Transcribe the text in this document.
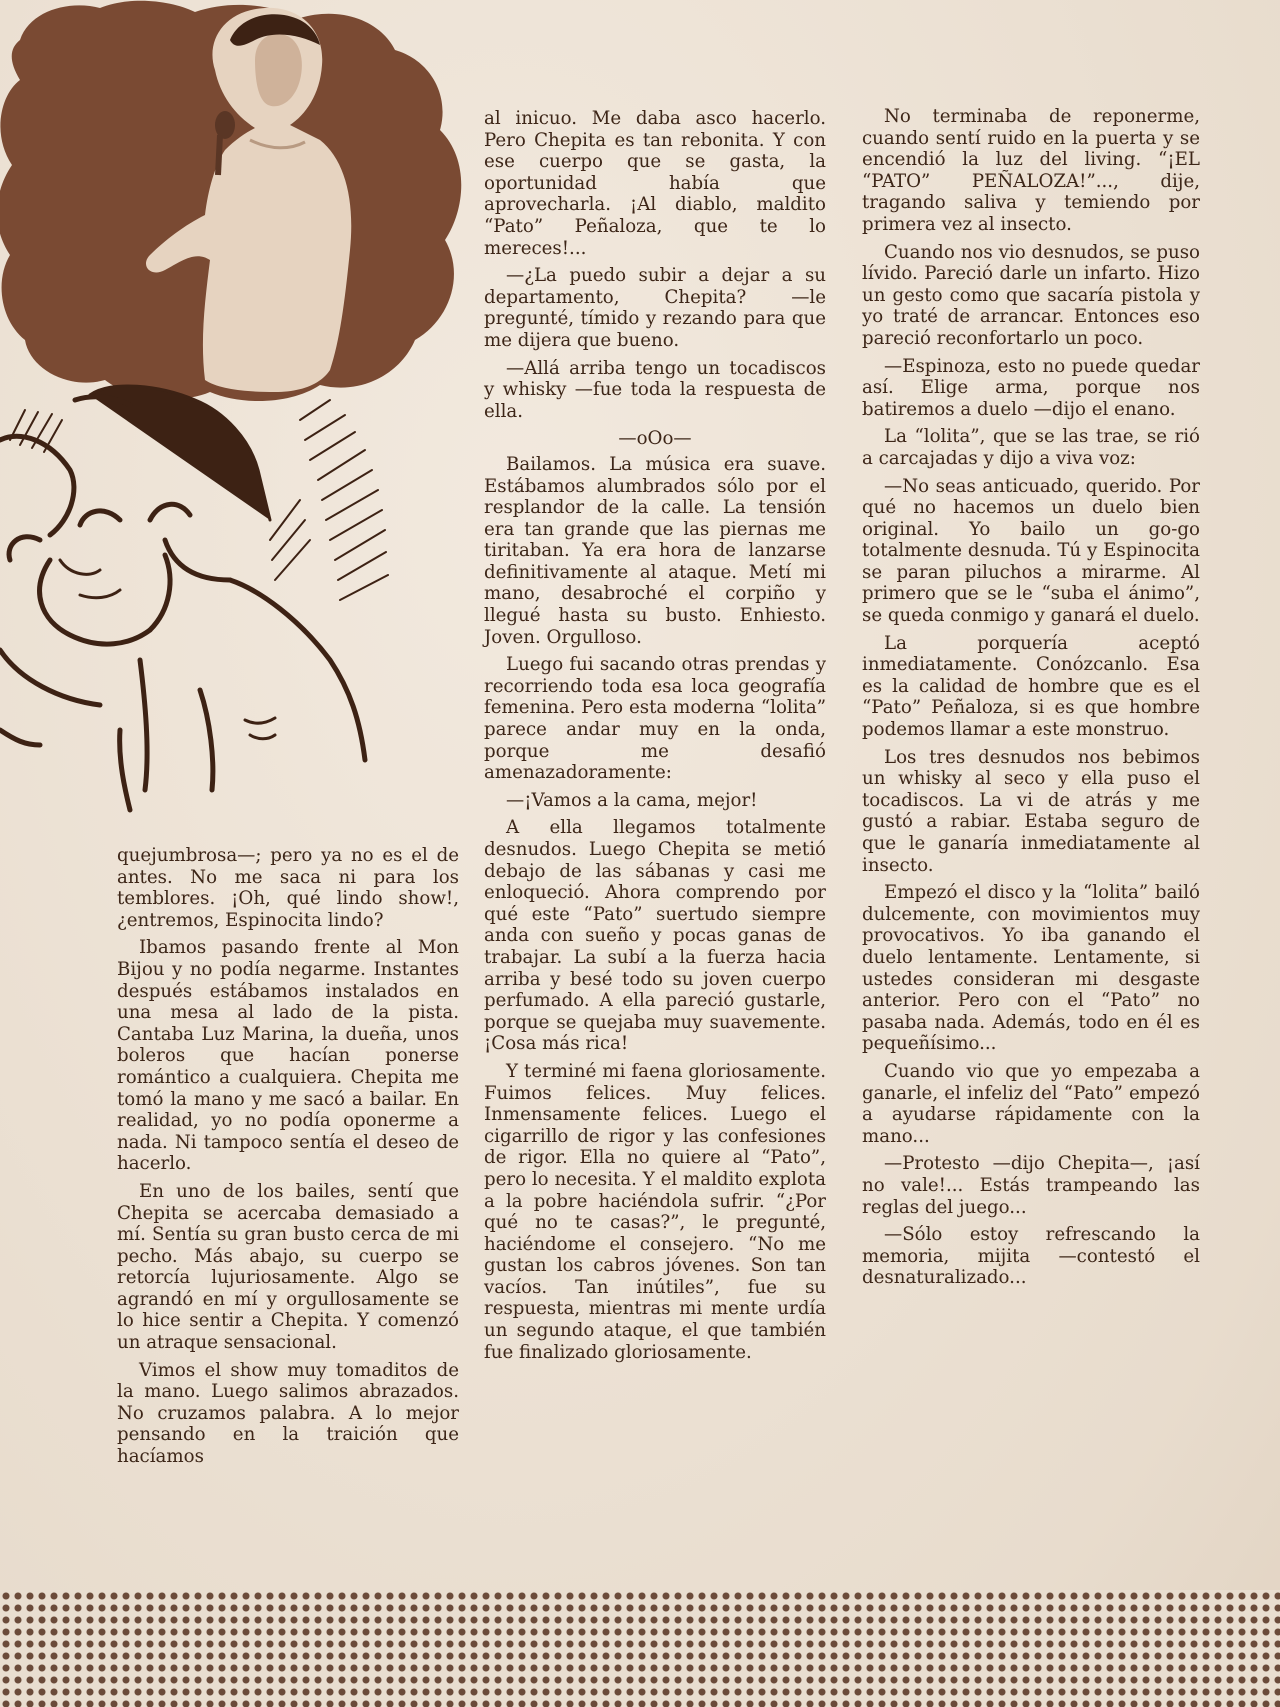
quejumbrosa—; pero ya no es el de antes. No me saca ni para los temblores. ¡Oh, qué lindo show!, ¿entremos, Espinocita lindo?

Ibamos pasando frente al Mon Bijou y no podía negarme. Instantes después estábamos instalados en una mesa al lado de la pista. Cantaba Luz Marina, la dueña, unos boleros que hacían ponerse romántico a cualquiera. Chepita me tomó la mano y me sacó a bailar. En realidad, yo no podía oponerme a nada. Ni tampoco sentía el deseo de hacerlo.

En uno de los bailes, sentí que Chepita se acercaba demasiado a mí. Sentía su gran busto cerca de mi pecho. Más abajo, su cuerpo se retorcía lujuriosamente. Algo se agrandó en mí y orgullosamente se lo hice sentir a Chepita. Y comenzó un atraque sensacional.

Vimos el show muy tomaditos de la mano. Luego salimos abrazados. No cruzamos palabra. A lo mejor pensando en la traición que hacíamos

al inicuo. Me daba asco hacerlo. Pero Chepita es tan rebonita. Y con ese cuerpo que se gasta, la oportunidad había que aprovecharla. ¡Al diablo, maldito “Pato” Peñaloza, que te lo mereces!...

—¿La puedo subir a dejar a su departamento, Chepita? —le pregunté, tímido y rezando para que me dijera que bueno.

—Allá arriba tengo un tocadiscos y whisky —fue toda la respuesta de ella.

—oOo—

Bailamos. La música era suave. Estábamos alumbrados sólo por el resplandor de la calle. La tensión era tan grande que las piernas me tiritaban. Ya era hora de lanzarse definitivamente al ataque. Metí mi mano, desabroché el corpiño y llegué hasta su busto. Enhiesto. Joven. Orgulloso.

Luego fui sacando otras prendas y recorriendo toda esa loca geografía femenina. Pero esta moderna “lolita” parece andar muy en la onda, porque me desafió amenazadoramente:

—¡Vamos a la cama, mejor!

A ella llegamos totalmente desnudos. Luego Chepita se metió debajo de las sábanas y casi me enloqueció. Ahora comprendo por qué este “Pato” suertudo siempre anda con sueño y pocas ganas de trabajar. La subí a la fuerza hacia arriba y besé todo su joven cuerpo perfumado. A ella pareció gustarle, porque se quejaba muy suavemente. ¡Cosa más rica!

Y terminé mi faena gloriosamente. Fuimos felices. Muy felices. Inmensamente felices. Luego el cigarrillo de rigor y las confesiones de rigor. Ella no quiere al “Pato”, pero lo necesita. Y el maldito explota a la pobre haciéndola sufrir. “¿Por qué no te casas?”, le pregunté, haciéndome el consejero. “No me gustan los cabros jóvenes. Son tan vacíos. Tan inútiles”, fue su respuesta, mientras mi mente urdía un segundo ataque, el que también fue finalizado gloriosamente.

No terminaba de reponerme, cuando sentí ruido en la puerta y se encendió la luz del living. “¡EL “PATO” PEÑALOZA!”..., dije, tragando saliva y temiendo por primera vez al insecto.

Cuando nos vio desnudos, se puso lívido. Pareció darle un infarto. Hizo un gesto como que sacaría pistola y yo traté de arrancar. Entonces eso pareció reconfortarlo un poco.

—Espinoza, esto no puede quedar así. Elige arma, porque nos batiremos a duelo —dijo el enano.

La “lolita”, que se las trae, se rió a carcajadas y dijo a viva voz:

—No seas anticuado, querido. Por qué no hacemos un duelo bien original. Yo bailo un go-go totalmente desnuda. Tú y Espinocita se paran piluchos a mirarme. Al primero que se le “suba el ánimo”, se queda conmigo y ganará el duelo.

La porquería aceptó inmediatamente. Conózcanlo. Esa es la calidad de hombre que es el “Pato” Peñaloza, si es que hombre podemos llamar a este monstruo.

Los tres desnudos nos bebimos un whisky al seco y ella puso el tocadiscos. La vi de atrás y me gustó a rabiar. Estaba seguro de que le ganaría inmediatamente al insecto.

Empezó el disco y la “lolita” bailó dulcemente, con movimientos muy provocativos. Yo iba ganando el duelo lentamente. Lentamente, si ustedes consideran mi desgaste anterior. Pero con el “Pato” no pasaba nada. Además, todo en él es pequeñísimo...

Cuando vio que yo empezaba a ganarle, el infeliz del “Pato” empezó a ayudarse rápidamente con la mano...

—Protesto —dijo Chepita—, ¡así no vale!... Estás trampeando las reglas del juego...

—Sólo estoy refrescando la memoria, mijita —contestó el desnaturalizado...
